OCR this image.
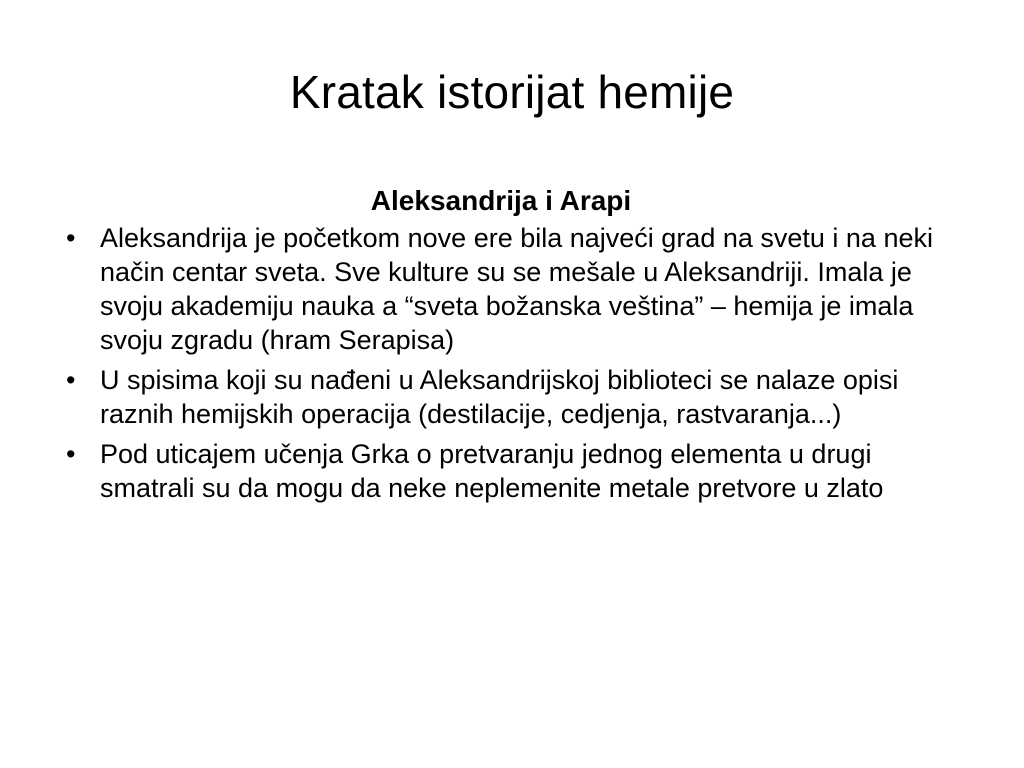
Kratak istorijat hemije
Aleksandrija i Arapi
• Aleksandrija je početkom nove ere bila najveći grad na svetu i na neki način centar sveta. Sve kulture su se mešale u Aleksandriji. Imala je svoju akademiju nauka a “sveta božanska veština” – hemija je imala svoju zgradu (hram Serapisa)
• U spisima koji su nađeni u Aleksandrijskoj biblioteci se nalaze opisi raznih hemijskih operacija (destilacije, cedjenja, rastvaranja...)
• Pod uticajem učenja Grka o pretvaranju jednog elementa u drugi smatrali su da mogu da neke neplemenite metale pretvore u zlato
